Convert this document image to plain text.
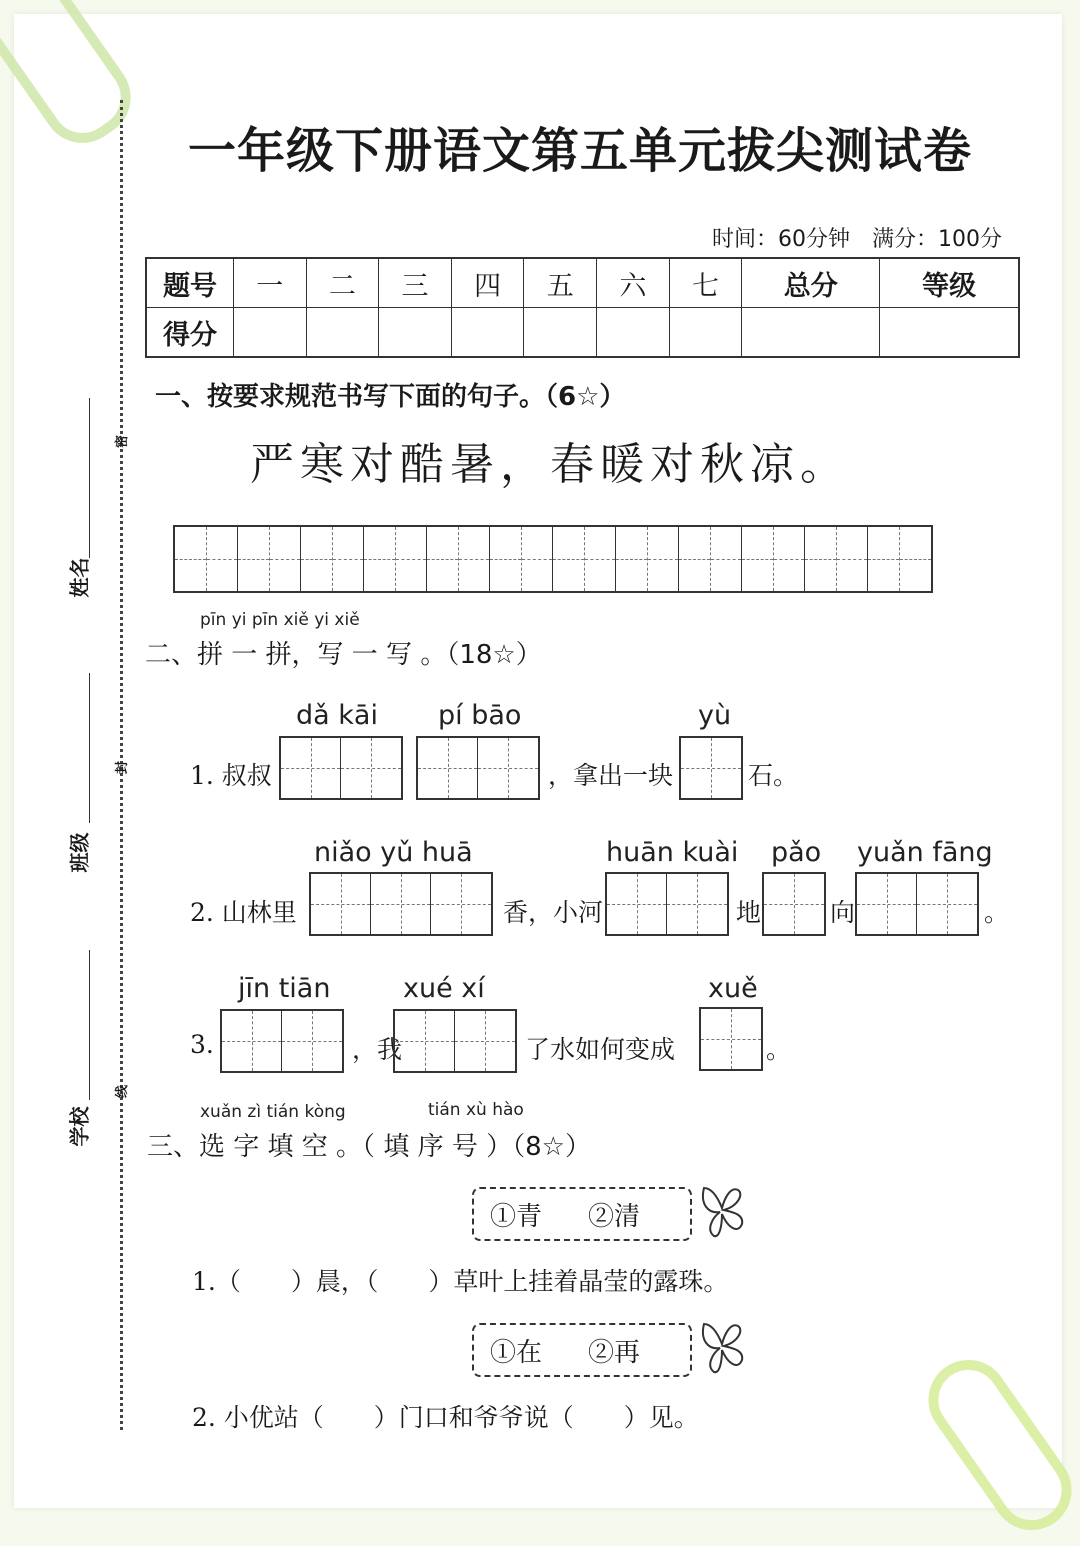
密
封
线
姓名
班级
学校
一年级下册语文第五单元拔尖测试卷
时间：60分钟　满分：100分
题号	一	二	三	四	五	六	七	总分	等级
得分									
一、按要求规范书写下面的句子。（6☆）
严寒对酷暑，春暖对秋凉。
pīn yi pīn xiě yi xiě
二、拼 一 拼，写 一 写 。（18☆）
dǎ kāi pí bāo	yù
1. 叔叔	，拿出一块	石。
niǎo yǔ huā	huān kuài pǎo yuǎn fāng
2. 山林里	香，小河	地	向	。
jīn tiān	xué xí	xuě
3.	，我	了水如何变成	。
xuǎn zì tián kòng	tián xù hào
三、选 字 填 空 。（ 填 序 号 ）（8☆）
①青 ②清
1.（　　）晨，（　　）草叶上挂着晶莹的露珠。
①在 ②再
2. 小优站（　　）门口和爷爷说（　　）见。
